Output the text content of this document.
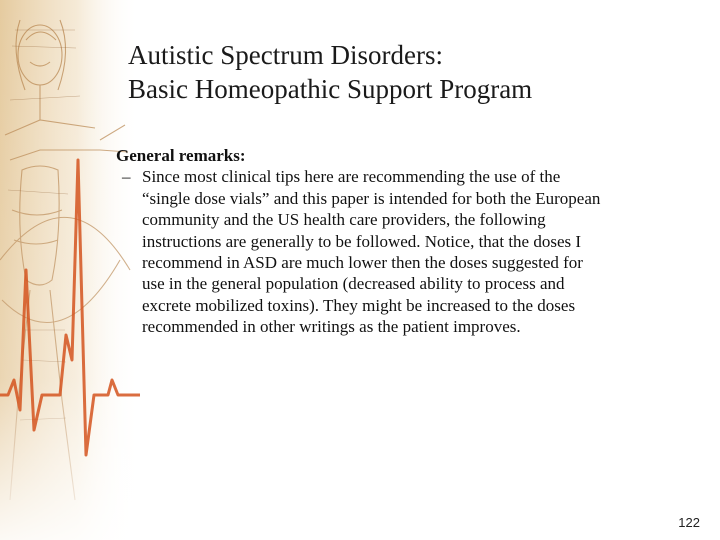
Autistic Spectrum Disorders:
Basic Homeopathic Support Program
General remarks:
– Since most clinical tips here are recommending the use of the
“single dose vials” and this paper is intended for both the European
community and the US health care providers, the following
instructions are generally to be followed. Notice, that the doses I
recommend in ASD are much lower then the doses suggested for
use in the general population (decreased ability to process and
excrete mobilized toxins). They might be increased to the doses
recommended in other writings as the patient improves.
122
